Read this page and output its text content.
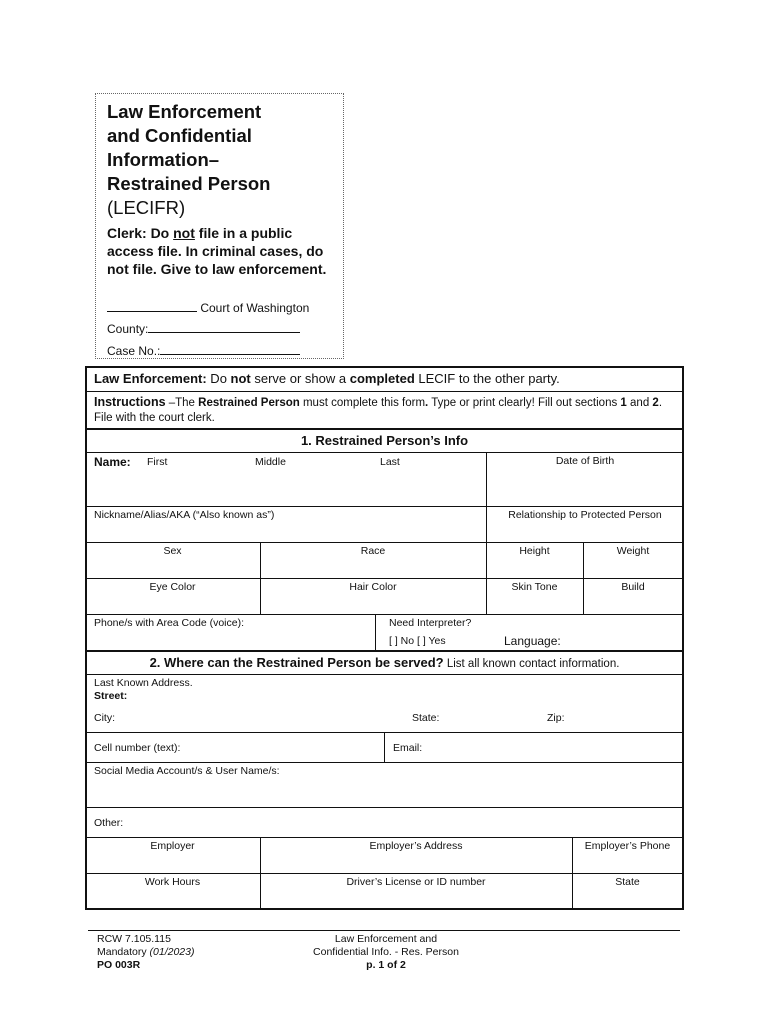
Law Enforcement
and Confidential
Information–
Restrained Person
(LECIFR)
Clerk: Do not file in a public access file. In criminal cases, do not file. Give to law enforcement.
Court of Washington
County:
Case No.:
Law Enforcement: Do not serve or show a completed LECIF to the other party.
Instructions –The Restrained Person must complete this form. Type or print clearly! Fill out sections 1 and 2. File with the court clerk.
1. Restrained Person’s Info
Name: First	Middle	Last	Date of Birth
Nickname/Alias/AKA (“Also known as”)	Relationship to Protected Person
Sex	Race	Height	Weight
Eye Color	Hair Color	Skin Tone	Build
Phone/s with Area Code (voice):	Need Interpreter?
[ ] No [ ] Yes	Language:
2. Where can the Restrained Person be served? List all known contact information.
Last Known Address.
Street:
City:	State:	Zip:
Cell number (text):	Email:
Social Media Account/s & User Name/s:
Other:
Employer	Employer’s Address	Employer’s Phone
Work Hours	Driver’s License or ID number	State
RCW 7.105.115
Mandatory (01/2023)
PO 003R
Law Enforcement and
Confidential Info. - Res. Person
p. 1 of 2
